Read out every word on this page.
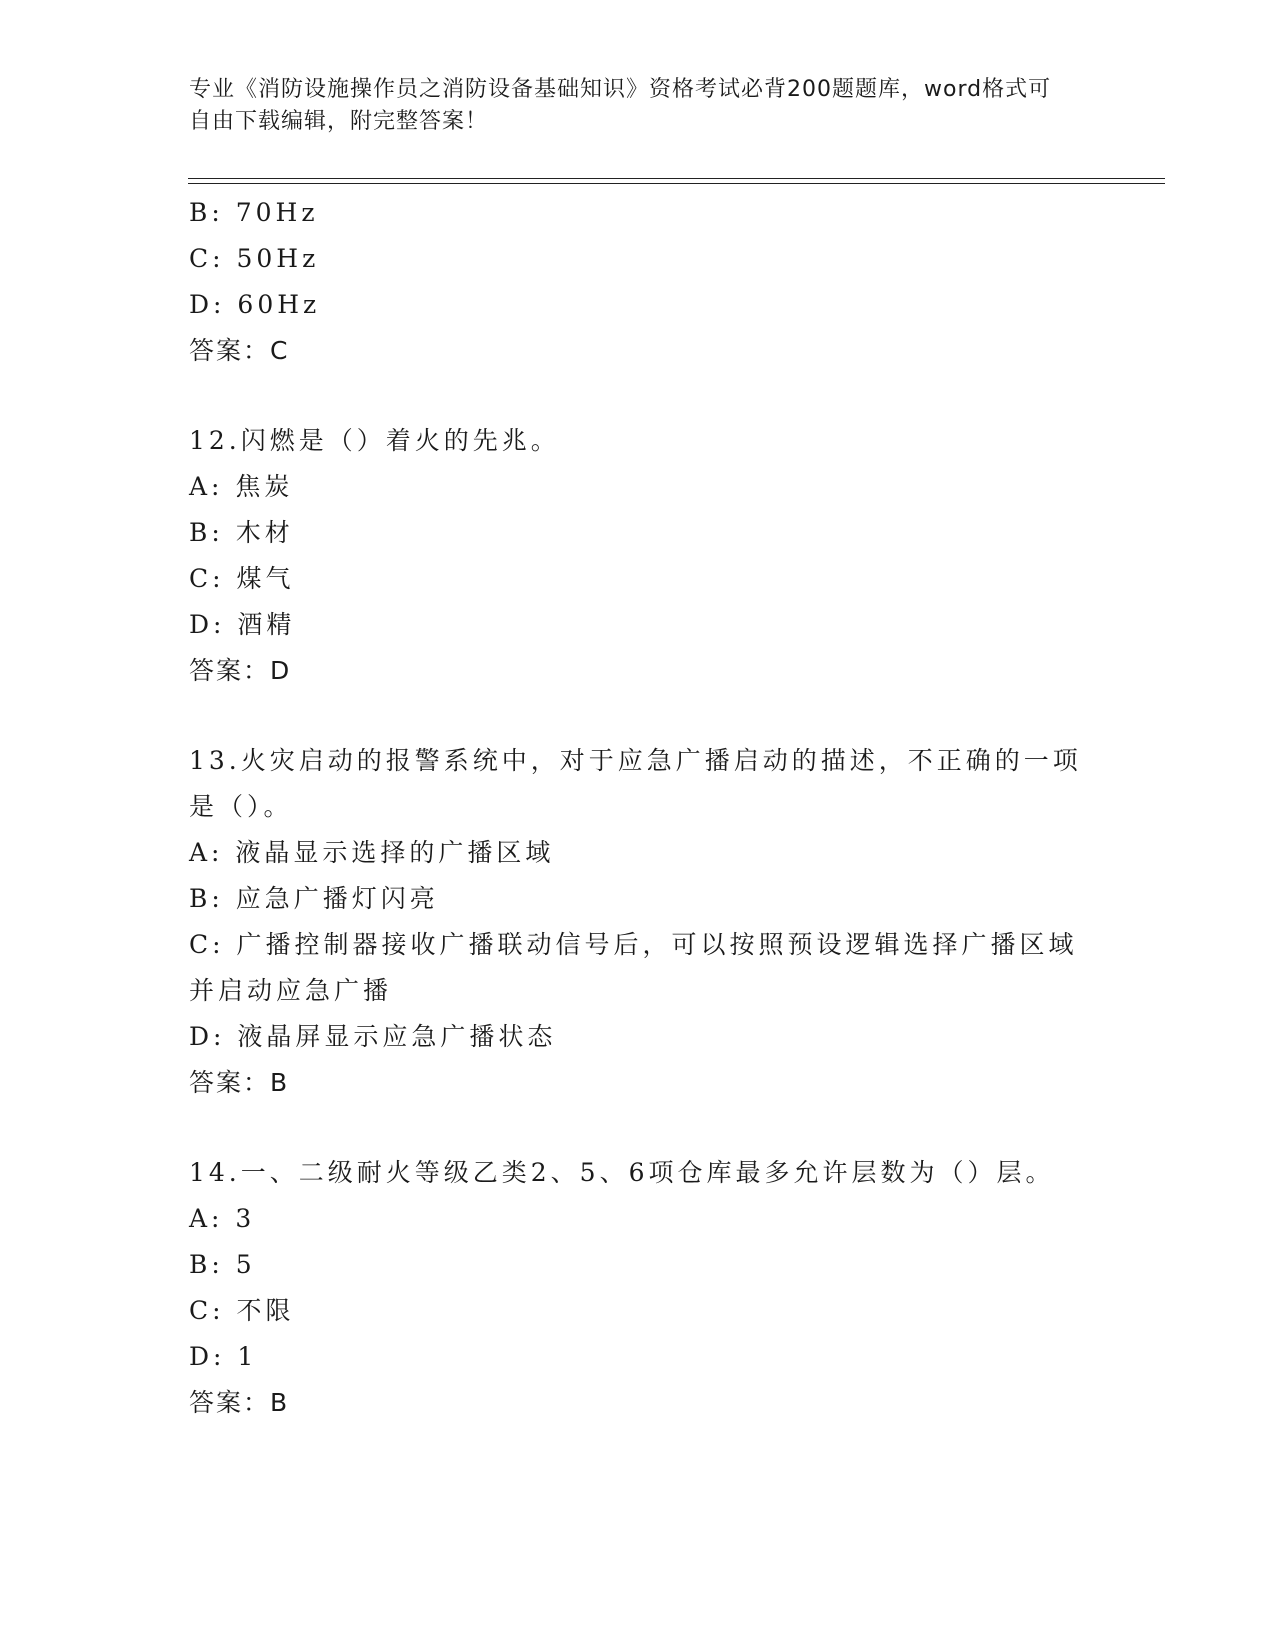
专业《消防设施操作员之消防设备基础知识》资格考试必背200题题库，word格式可自由下载编辑，附完整答案！

B: 70Hz

C: 50Hz

D: 60Hz

答案：C

12.闪燃是（）着火的先兆。

A: 焦炭

B: 木材

C: 煤气

D: 酒精

答案：D

13.火灾启动的报警系统中，对于应急广播启动的描述，不正确的一项是（）。

A: 液晶显示选择的广播区域

B: 应急广播灯闪亮

C: 广播控制器接收广播联动信号后，可以按照预设逻辑选择广播区域并启动应急广播

D: 液晶屏显示应急广播状态

答案：B

14.一、二级耐火等级乙类2、5、6项仓库最多允许层数为（）层。

A: 3

B: 5

C: 不限

D: 1

答案：B
